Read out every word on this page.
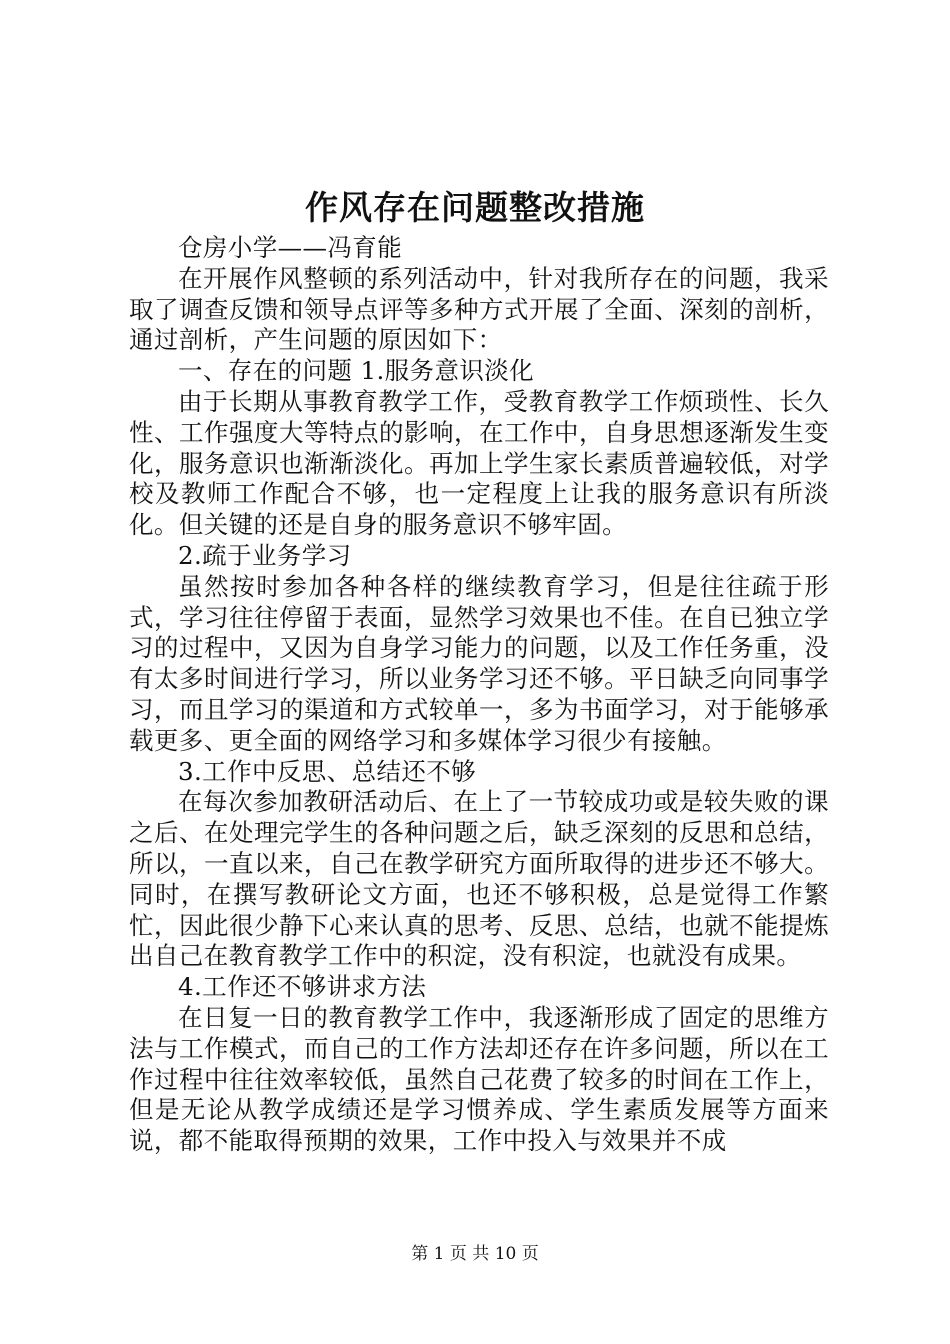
作风存在问题整改措施

仓房小学——冯育能

在开展作风整顿的系列活动中，针对我所存在的问题，我采取了调查反馈和领导点评等多种方式开展了全面、深刻的剖析，通过剖析，产生问题的原因如下：

一、存在的问题 1.服务意识淡化

由于长期从事教育教学工作，受教育教学工作烦琐性、长久性、工作强度大等特点的影响，在工作中，自身思想逐渐发生变化，服务意识也渐渐淡化。再加上学生家长素质普遍较低，对学校及教师工作配合不够，也一定程度上让我的服务意识有所淡化。但关键的还是自身的服务意识不够牢固。

2.疏于业务学习

虽然按时参加各种各样的继续教育学习，但是往往疏于形式，学习往往停留于表面，显然学习效果也不佳。在自已独立学习的过程中，又因为自身学习能力的问题，以及工作任务重，没有太多时间进行学习，所以业务学习还不够。平日缺乏向同事学习，而且学习的渠道和方式较单一，多为书面学习，对于能够承载更多、更全面的网络学习和多媒体学习很少有接触。

3.工作中反思、总结还不够

在每次参加教研活动后、在上了一节较成功或是较失败的课之后、在处理完学生的各种问题之后，缺乏深刻的反思和总结，所以，一直以来，自己在教学研究方面所取得的进步还不够大。同时，在撰写教研论文方面，也还不够积极，总是觉得工作繁忙，因此很少静下心来认真的思考、反思、总结，也就不能提炼出自己在教育教学工作中的积淀，没有积淀，也就没有成果。

4.工作还不够讲求方法

在日复一日的教育教学工作中，我逐渐形成了固定的思维方法与工作模式，而自己的工作方法却还存在许多问题，所以在工作过程中往往效率较低，虽然自己花费了较多的时间在工作上，但是无论从教学成绩还是学习惯养成、学生素质发展等方面来说，都不能取得预期的效果，工作中投入与效果并不成

第 1 页 共 10 页
